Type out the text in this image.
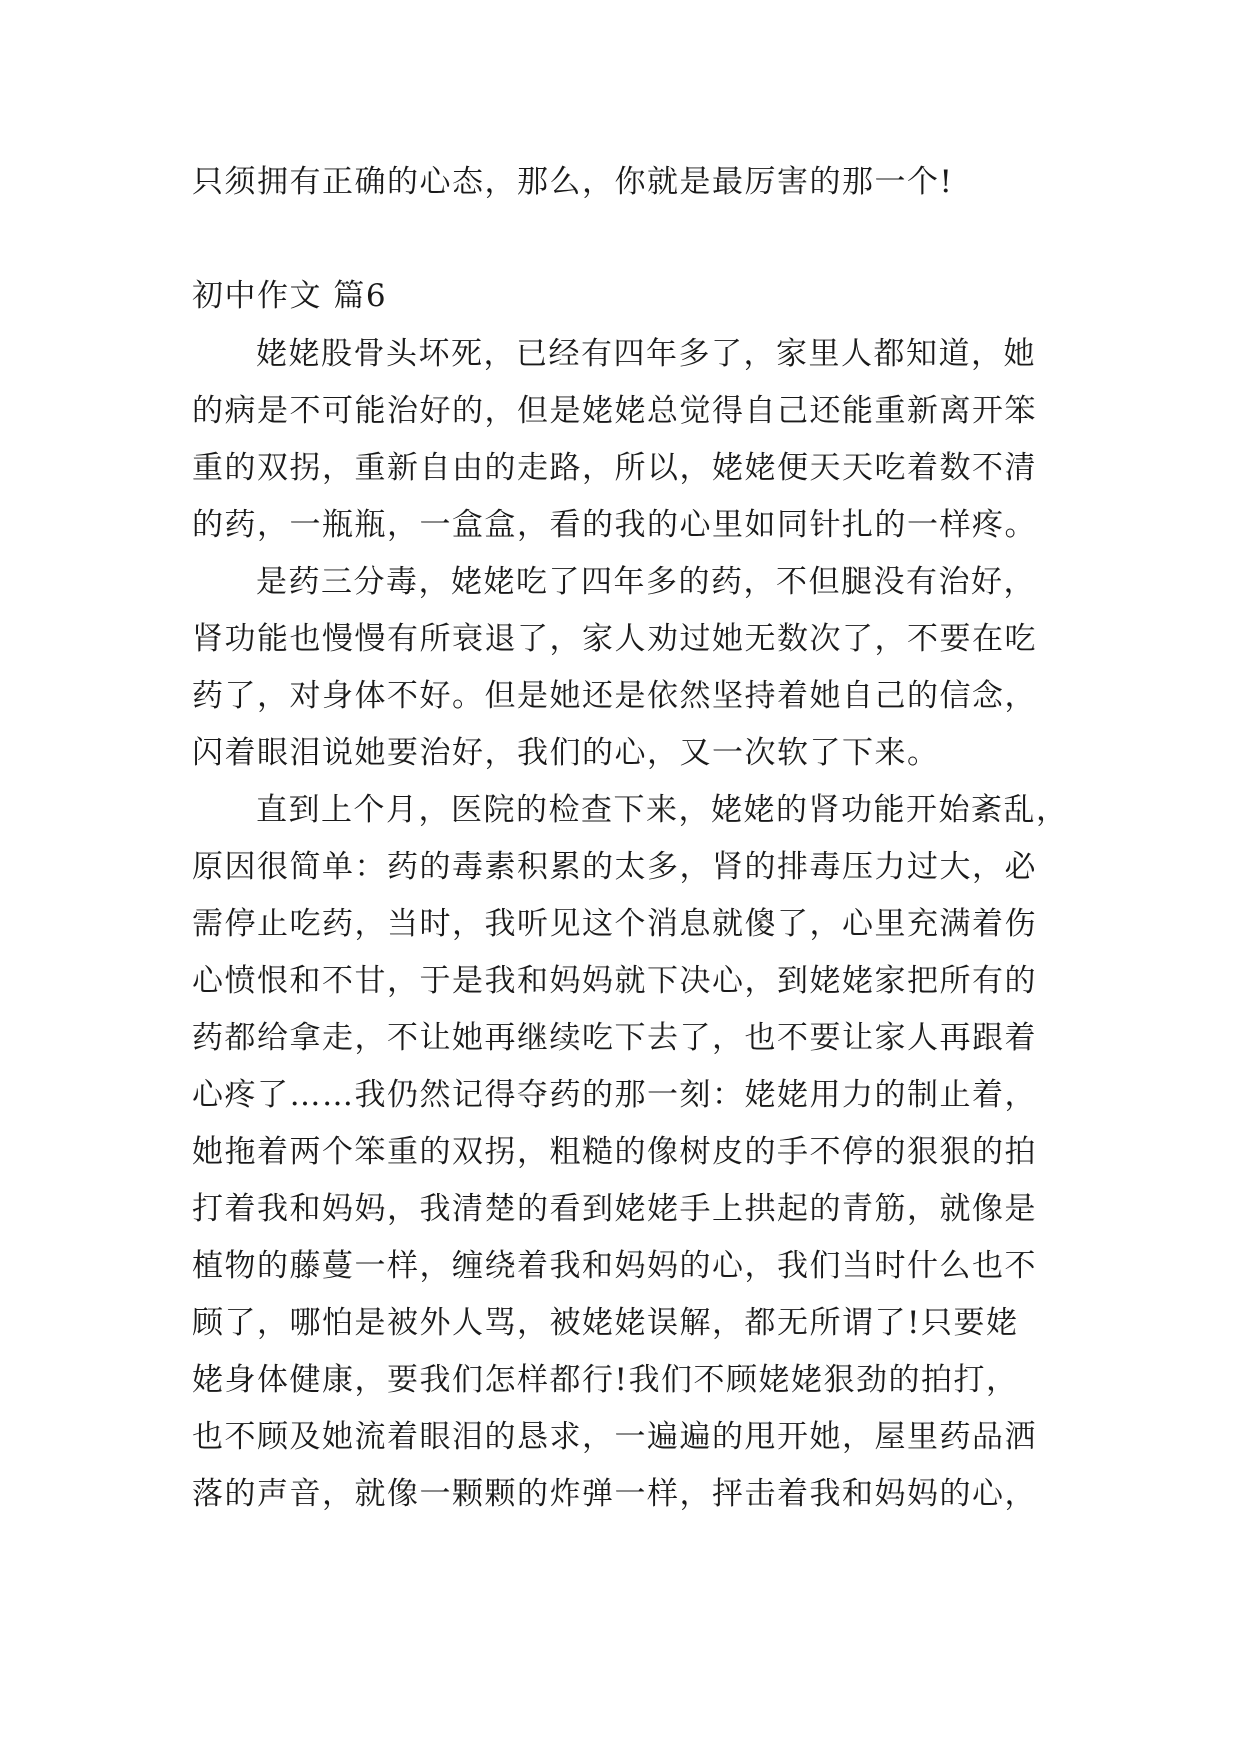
只须拥有正确的心态，那么，你就是最厉害的那一个!
初中作文 篇6
姥姥股骨头坏死，已经有四年多了，家里人都知道，她
的病是不可能治好的，但是姥姥总觉得自己还能重新离开笨
重的双拐，重新自由的走路，所以，姥姥便天天吃着数不清
的药，一瓶瓶，一盒盒，看的我的心里如同针扎的一样疼。
是药三分毒，姥姥吃了四年多的药，不但腿没有治好，
肾功能也慢慢有所衰退了，家人劝过她无数次了，不要在吃
药了，对身体不好。但是她还是依然坚持着她自己的信念，
闪着眼泪说她要治好，我们的心，又一次软了下来。
直到上个月，医院的检查下来，姥姥的肾功能开始紊乱，
原因很简单：药的毒素积累的太多，肾的排毒压力过大，必
需停止吃药，当时，我听见这个消息就傻了，心里充满着伤
心愤恨和不甘，于是我和妈妈就下决心，到姥姥家把所有的
药都给拿走，不让她再继续吃下去了，也不要让家人再跟着
心疼了……我仍然记得夺药的那一刻：姥姥用力的制止着，
她拖着两个笨重的双拐，粗糙的像树皮的手不停的狠狠的拍
打着我和妈妈，我清楚的看到姥姥手上拱起的青筋，就像是
植物的藤蔓一样，缠绕着我和妈妈的心，我们当时什么也不
顾了，哪怕是被外人骂，被姥姥误解，都无所谓了!只要姥
姥身体健康，要我们怎样都行!我们不顾姥姥狠劲的拍打，
也不顾及她流着眼泪的恳求，一遍遍的甩开她，屋里药品洒
落的声音，就像一颗颗的炸弹一样，抨击着我和妈妈的心，
